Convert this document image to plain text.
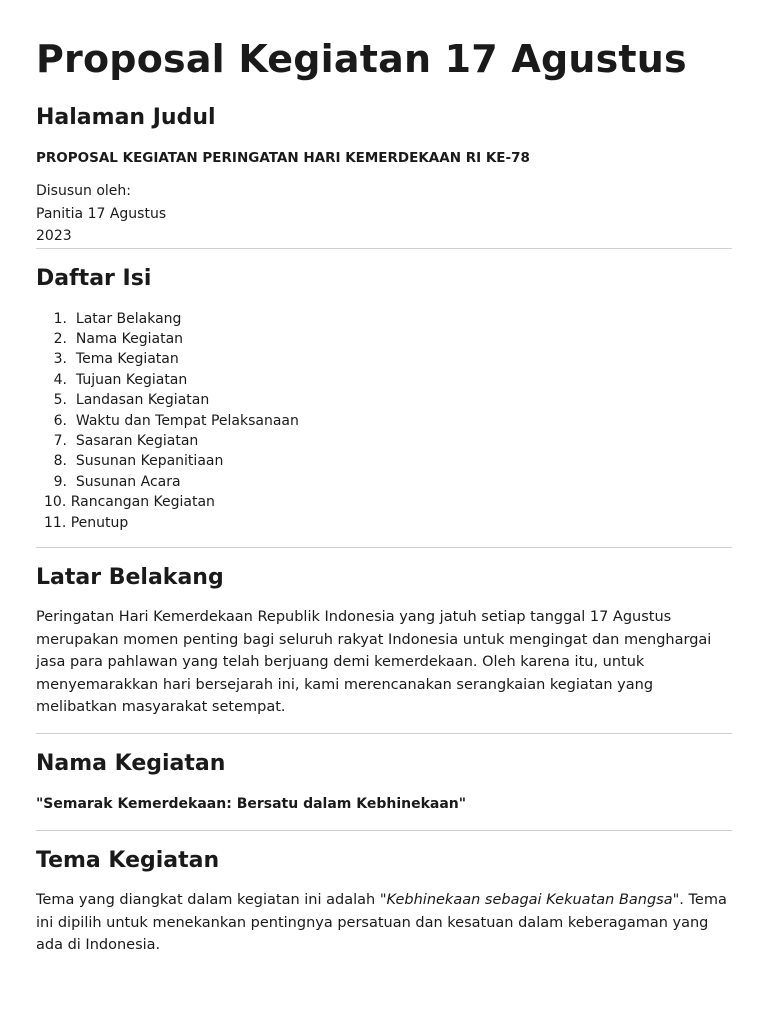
Proposal Kegiatan 17 Agustus
Halaman Judul

PROPOSAL KEGIATAN PERINGATAN HARI KEMERDEKAAN RI KE-78

Disusun oleh:
Panitia 17 Agustus
2023
Daftar Isi
1.
Latar Belakang
2.
Nama Kegiatan
3.
Tema Kegiatan
4.
Tujuan Kegiatan
5.
Landasan Kegiatan
6.
Waktu dan Tempat Pelaksanaan
7.
Sasaran Kegiatan
8.
Susunan Kepanitiaan
9.
Susunan Acara
10.
Rancangan Kegiatan
11.
Penutup
Latar Belakang

Peringatan Hari Kemerdekaan Republik Indonesia yang jatuh setiap tanggal 17 Agustus merupakan momen penting bagi seluruh rakyat Indonesia untuk mengingat dan menghargai jasa para pahlawan yang telah berjuang demi kemerdekaan. Oleh karena itu, untuk menyemarakkan hari bersejarah ini, kami merencanakan serangkaian kegiatan yang melibatkan masyarakat setempat.

Nama Kegiatan

"Semarak Kemerdekaan: Bersatu dalam Kebhinekaan"

Tema Kegiatan

Tema yang diangkat dalam kegiatan ini adalah "Kebhinekaan sebagai Kekuatan Bangsa". Tema ini dipilih untuk menekankan pentingnya persatuan dan kesatuan dalam keberagaman yang ada di Indonesia.
